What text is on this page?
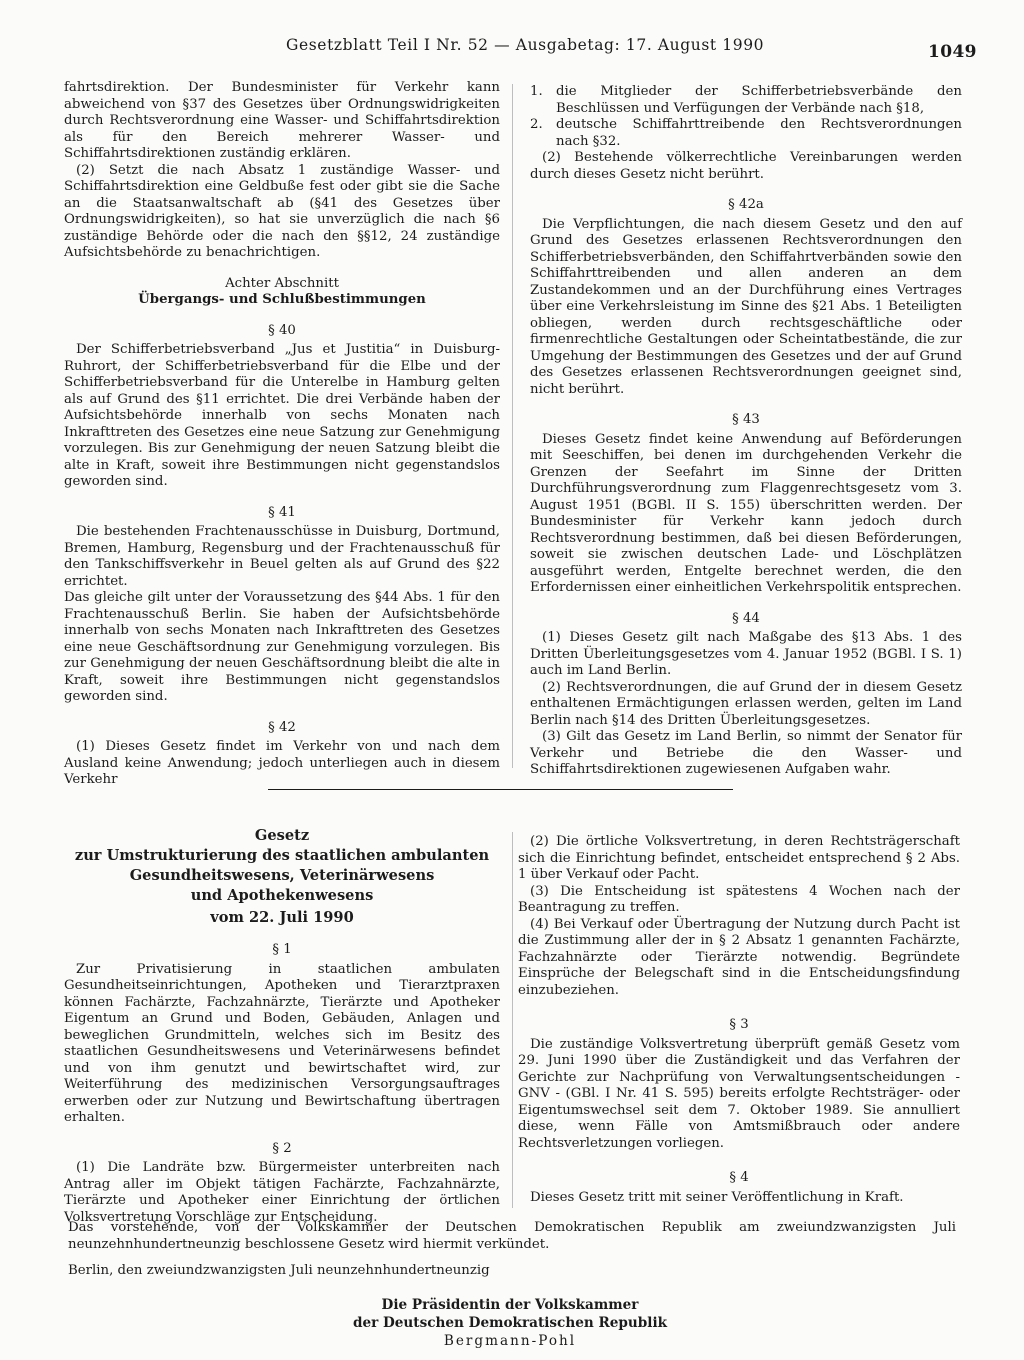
Gesetzblatt Teil I Nr. 52 — Ausgabetag: 17. August 1990	1049

fahrtsdirektion. Der Bundesminister für Verkehr kann abweichend von §37 des Gesetzes über Ordnungswidrigkeiten durch Rechtsverordnung eine Wasser- und Schiffahrtsdirektion als für den Bereich mehrerer Wasser- und Schiffahrtsdirektionen zuständig erklären.

(2) Setzt die nach Absatz 1 zuständige Wasser- und Schiffahrtsdirektion eine Geldbuße fest oder gibt sie die Sache an die Staatsanwaltschaft ab (§41 des Gesetzes über Ordnungswidrigkeiten), so hat sie unverzüglich die nach §6 zuständige Behörde oder die nach den §§12, 24 zuständige Aufsichtsbehörde zu benachrichtigen.

Achter Abschnitt

Übergangs- und Schlußbestimmungen

§ 40

Der Schifferbetriebsverband „Jus et Justitia“ in Duisburg-Ruhrort, der Schifferbetriebsverband für die Elbe und der Schifferbetriebsverband für die Unterelbe in Hamburg gelten als auf Grund des §11 errichtet. Die drei Verbände haben der Aufsichtsbehörde innerhalb von sechs Monaten nach Inkrafttreten des Gesetzes eine neue Satzung zur Genehmigung vorzulegen. Bis zur Genehmigung der neuen Satzung bleibt die alte in Kraft, soweit ihre Bestimmungen nicht gegenstandslos geworden sind.

§ 41

Die bestehenden Frachtenausschüsse in Duisburg, Dortmund, Bremen, Hamburg, Regensburg und der Frachtenausschuß für den Tankschiffsverkehr in Beuel gelten als auf Grund des §22 errichtet.

Das gleiche gilt unter der Voraussetzung des §44 Abs. 1 für den Frachtenausschuß Berlin. Sie haben der Aufsichtsbehörde innerhalb von sechs Monaten nach Inkrafttreten des Gesetzes eine neue Geschäftsordnung zur Genehmigung vorzulegen. Bis zur Genehmigung der neuen Geschäftsordnung bleibt die alte in Kraft, soweit ihre Bestimmungen nicht gegenstandslos geworden sind.

§ 42

(1) Dieses Gesetz findet im Verkehr von und nach dem Ausland keine Anwendung; jedoch unterliegen auch in diesem Verkehr

1.	die Mitglieder der Schifferbetriebsverbände den Beschlüssen und Verfügungen der Verbände nach §18,
2.	deutsche Schiffahrttreibende den Rechtsverordnungen nach §32.

(2) Bestehende völkerrechtliche Vereinbarungen werden durch dieses Gesetz nicht berührt.

§ 42a

Die Verpflichtungen, die nach diesem Gesetz und den auf Grund des Gesetzes erlassenen Rechtsverordnungen den Schifferbetriebsverbänden, den Schiffahrtverbänden sowie den Schiffahrttreibenden und allen anderen an dem Zustandekommen und an der Durchführung eines Vertrages über eine Verkehrsleistung im Sinne des §21 Abs. 1 Beteiligten obliegen, werden durch rechtsgeschäftliche oder firmenrechtliche Gestaltungen oder Scheintatbestände, die zur Umgehung der Bestimmungen des Gesetzes und der auf Grund des Gesetzes erlassenen Rechtsverordnungen geeignet sind, nicht berührt.

§ 43

Dieses Gesetz findet keine Anwendung auf Beförderungen mit Seeschiffen, bei denen im durchgehenden Verkehr die Grenzen der Seefahrt im Sinne der Dritten Durchführungsverordnung zum Flaggenrechtsgesetz vom 3. August 1951 (BGBl. II S. 155) überschritten werden. Der Bundesminister für Verkehr kann jedoch durch Rechtsverordnung bestimmen, daß bei diesen Beförderungen, soweit sie zwischen deutschen Lade- und Löschplätzen ausgeführt werden, Entgelte berechnet werden, die den Erfordernissen einer einheitlichen Verkehrspolitik entsprechen.

§ 44

(1) Dieses Gesetz gilt nach Maßgabe des §13 Abs. 1 des Dritten Überleitungsgesetzes vom 4. Januar 1952 (BGBl. I S. 1) auch im Land Berlin.

(2) Rechtsverordnungen, die auf Grund der in diesem Gesetz enthaltenen Ermächtigungen erlassen werden, gelten im Land Berlin nach §14 des Dritten Überleitungsgesetzes.

(3) Gilt das Gesetz im Land Berlin, so nimmt der Senator für Verkehr und Betriebe die den Wasser- und Schiffahrtsdirektionen zugewiesenen Aufgaben wahr.

Gesetz
zur Umstrukturierung des staatlichen ambulanten
Gesundheitswesens, Veterinärwesens
und Apothekenwesens
vom 22. Juli 1990

§ 1

Zur Privatisierung in staatlichen ambulaten Gesundheitseinrichtungen, Apotheken und Tierarztpraxen können Fachärzte, Fachzahnärzte, Tierärzte und Apotheker Eigentum an Grund und Boden, Gebäuden, Anlagen und beweglichen Grundmitteln, welches sich im Besitz des staatlichen Gesundheitswesens und Veterinärwesens befindet und von ihm genutzt und bewirtschaftet wird, zur Weiterführung des medizinischen Versorgungsauftrages erwerben oder zur Nutzung und Bewirtschaftung übertragen erhalten.

§ 2

(1) Die Landräte bzw. Bürgermeister unterbreiten nach Antrag aller im Objekt tätigen Fachärzte, Fachzahnärzte, Tierärzte und Apotheker einer Einrichtung der örtlichen Volksvertretung Vorschläge zur Entscheidung.

(2) Die örtliche Volksvertretung, in deren Rechtsträgerschaft sich die Einrichtung befindet, entscheidet entsprechend § 2 Abs. 1 über Verkauf oder Pacht.

(3) Die Entscheidung ist spätestens 4 Wochen nach der Beantragung zu treffen.

(4) Bei Verkauf oder Übertragung der Nutzung durch Pacht ist die Zustimmung aller der in § 2 Absatz 1 genannten Fachärzte, Fachzahnärzte oder Tierärzte notwendig. Begründete Einsprüche der Belegschaft sind in die Entscheidungsfindung einzubeziehen.

§ 3

Die zuständige Volksvertretung überprüft gemäß Gesetz vom 29. Juni 1990 über die Zuständigkeit und das Verfahren der Gerichte zur Nachprüfung von Verwaltungsentscheidungen - GNV - (GBl. I Nr. 41 S. 595) bereits erfolgte Rechtsträger- oder Eigentumswechsel seit dem 7. Oktober 1989. Sie annulliert diese, wenn Fälle von Amtsmißbrauch oder andere Rechtsverletzungen vorliegen.

§ 4

Dieses Gesetz tritt mit seiner Veröffentlichung in Kraft.

Das vorstehende, von der Volkskammer der Deutschen Demokratischen Republik am zweiundzwanzigsten Juli neunzehnhundertneunzig beschlossene Gesetz wird hiermit verkündet.

Berlin, den zweiundzwanzigsten Juli neunzehnhundertneunzig

Die Präsidentin der Volkskammer
der Deutschen Demokratischen Republik
Bergmann-Pohl
